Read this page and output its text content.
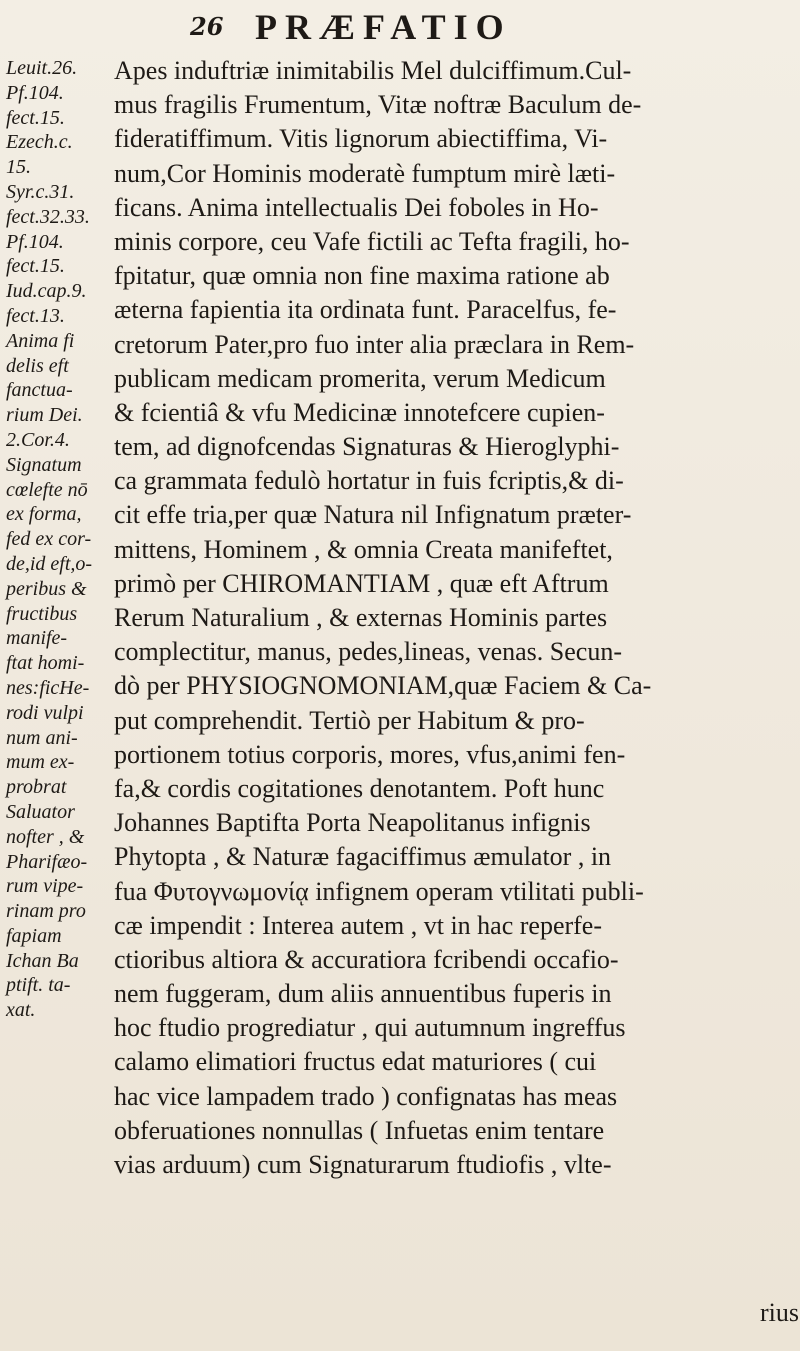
26 PRÆFATIO
Leuit.26.
Pf.104.
fect.15.
Ezech.c.
15.
Syr.c.31.
fect.32.33.
Pf.104.
fect.15.
Iud.cap.9.
fect.13.
Anima fi
delis eft
fanctua-
rium Dei.
2.Cor.4.
Signatum
cœlefte nō
ex forma,
fed ex cor-
de,id eft,o-
peribus &
fructibus
manife-
ftat homi-
nes:ficHe-
rodi vulpi
num ani-
mum ex-
probrat
Saluator
nofter , &
Pharifæo-
rum vipe-
rinam pro
fapiam
Ichan Ba
ptift. ta-
xat.
Apes induftriæ inimitabilis Mel dulciffimum.Cul-
mus fragilis Frumentum, Vitæ noftræ Baculum de-
fideratiffimum. Vitis lignorum abiectiffima, Vi-
num,Cor Hominis moderatè fumptum mirè læti-
ficans. Anima intellectualis Dei foboles in Ho-
minis corpore, ceu Vafe fictili ac Tefta fragili, ho-
fpitatur, quæ omnia non fine maxima ratione ab
æterna fapientia ita ordinata funt. Paracelfus, fe-
cretorum Pater,pro fuo inter alia præclara in Rem-
publicam medicam promerita, verum Medicum
& fcientiâ & vfu Medicinæ innotefcere cupien-
tem, ad dignofcendas Signaturas & Hieroglyphi-
ca grammata fedulò hortatur in fuis fcriptis,& di-
cit effe tria,per quæ Natura nil Infignatum præter-
mittens, Hominem , & omnia Creata manifeftet,
primò per CHIROMANTIAM , quæ eft Aftrum
Rerum Naturalium , & externas Hominis partes
complectitur, manus, pedes,lineas, venas. Secun-
dò per PHYSIOGNOMONIAM,quæ Faciem & Ca-
put comprehendit. Tertiò per Habitum & pro-
portionem totius corporis, mores, vfus,animi fen-
fa,& cordis cogitationes denotantem. Poft hunc
Johannes Baptifta Porta Neapolitanus infignis
Phytopta , & Naturæ fagaciffimus æmulator , in
fua Φυτογνωμονίᾳ infignem operam vtilitati publi-
cæ impendit : Interea autem , vt in hac reperfe-
ctioribus altiora & accuratiora fcribendi occafio-
nem fuggeram, dum aliis annuentibus fuperis in
hoc ftudio progrediatur , qui autumnum ingreffus
calamo elimatiori fructus edat maturiores ( cui
hac vice lampadem trado ) confignatas has meas
obferuationes nonnullas ( Infuetas enim tentare
vias arduum) cum Signaturarum ftudiofis , vlte-
rius
